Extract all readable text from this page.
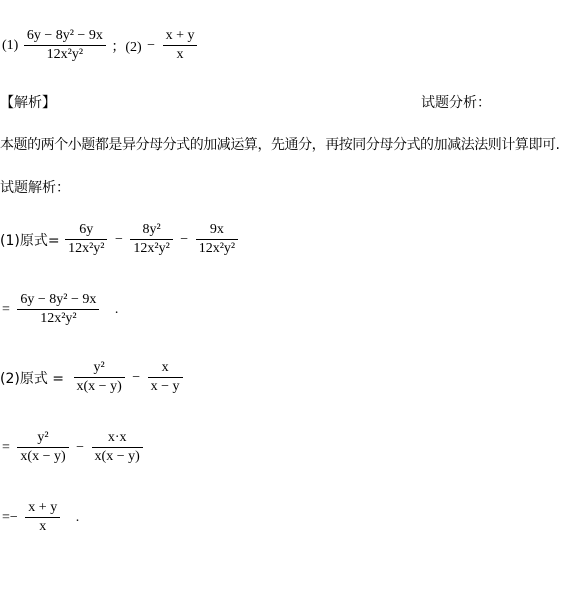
$(1) \frac{\text{6y − 8y² − 9x}}{\text{12x²y²}}$ ；$(2) - \frac{x + y}{x}$
【解析】	试题分析：
本题的两个小题都是异分母分式的加减运算，先通分，再按同分母分式的加减法法则计算即可.
试题解析：
(1)原式= $\frac{6y}{\text{12x²y²}} - \frac{\text{8y²}}{\text{12x²y²}} - \frac{9x}{\text{12x²y²}}$
= $\frac{\text{6y − 8y² − 9x}}{\text{12x²y²}}$ .
(2)原式 = $\frac{\text{y²}}{x(x - y)} - \frac{x}{x - y}$
= $\frac{\text{y²}}{x(x - y)} - \frac{x\cdot x}{x(x - y)}$
=− $\frac{x + y}{x}$ .
